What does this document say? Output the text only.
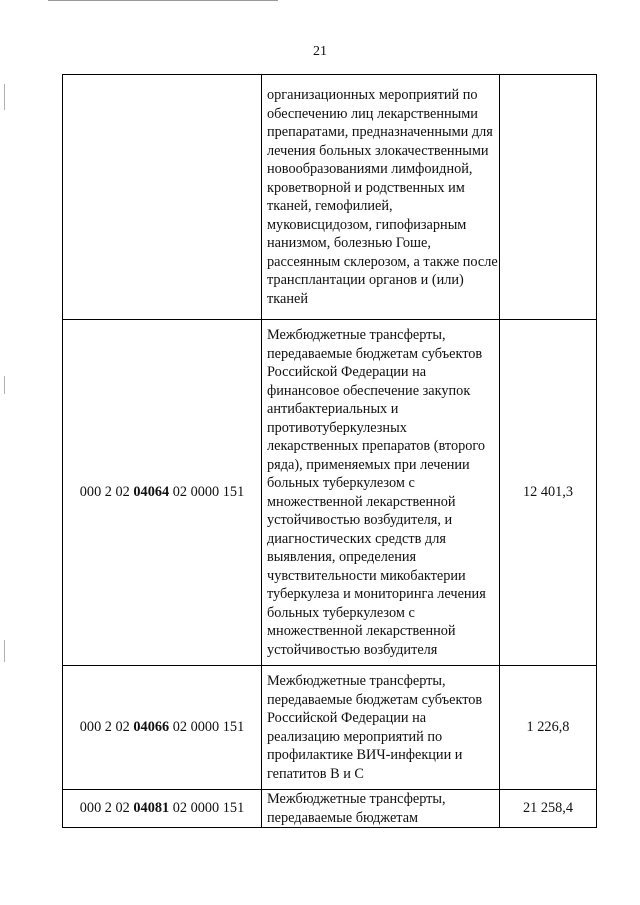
21
	организационных мероприятий по обеспечению лиц лекарственными препаратами, предназначенными для лечения больных злокачественными новообразованиями лимфоидной, кроветворной и родственных им тканей, гемофилией, муковисцидозом, гипофизарным нанизмом, болезнью Гоше, рассеянным склерозом, а также после трансплантации органов и (или) тканей	
000 2 02 04064 02 0000 151	Межбюджетные трансферты, передаваемые бюджетам субъектов Российской Федерации на финансовое обеспечение закупок антибактериальных и противотуберкулезных лекарственных препаратов (второго ряда), применяемых при лечении больных туберкулезом с множественной лекарственной устойчивостью возбудителя, и диагностических средств для выявления, определения чувствительности микобактерии туберкулеза и мониторинга лечения больных туберкулезом с множественной лекарственной устойчивостью возбудителя	12 401,3
000 2 02 04066 02 0000 151	Межбюджетные трансферты, передаваемые бюджетам субъектов Российской Федерации на реализацию мероприятий по профилактике ВИЧ-инфекции и гепатитов B и C	1 226,8
000 2 02 04081 02 0000 151	Межбюджетные трансферты, передаваемые бюджетам	21 258,4
